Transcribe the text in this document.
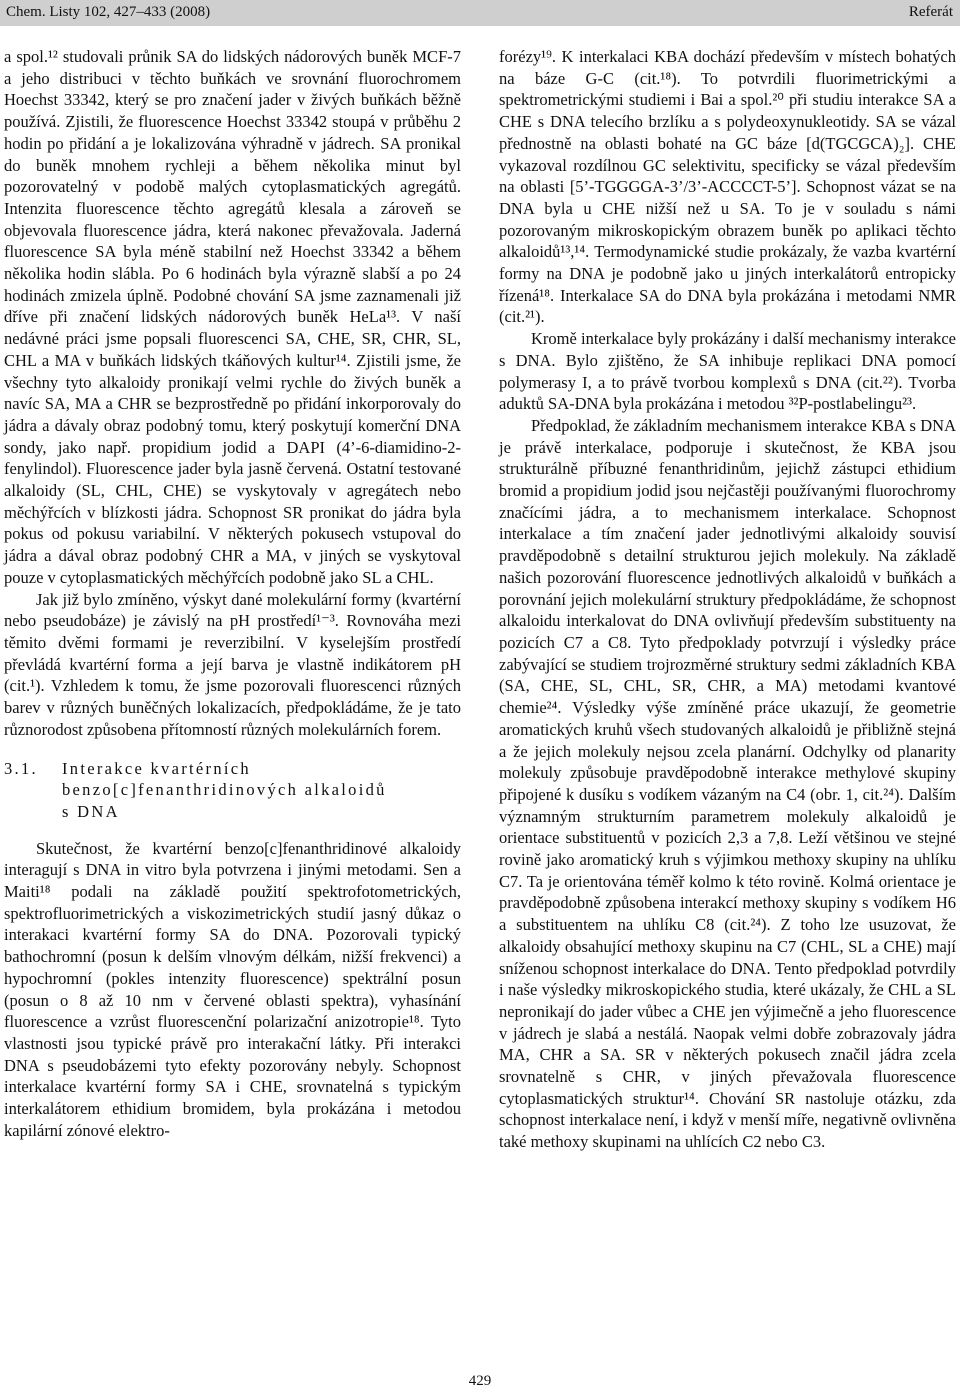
Chem. Listy 102, 427–433 (2008)	Referát

a spol.¹² studovali průnik SA do lidských nádorových buněk MCF-7 a jeho distribuci v těchto buňkách ve srovnání fluorochromem Hoechst 33342, který se pro značení jader v živých buňkách běžně používá. Zjistili, že fluorescence Hoechst 33342 stoupá v průběhu 2 hodin po přidání a je lokalizována výhradně v jádrech. SA pronikal do buněk mnohem rychleji a během několika minut byl pozorovatelný v podobě malých cytoplasmatických agregátů. Intenzita fluorescence těchto agregátů klesala a zároveň se objevovala fluorescence jádra, která nakonec převažovala. Jaderná fluorescence SA byla méně stabilní než Hoechst 33342 a během několika hodin slábla. Po 6 hodinách byla výrazně slabší a po 24 hodinách zmizela úplně. Podobné chování SA jsme zaznamenali již dříve při značení lidských nádorových buněk HeLa¹³. V naší nedávné práci jsme popsali fluorescenci SA, CHE, SR, CHR, SL, CHL a MA v buňkách lidských tkáňových kultur¹⁴. Zjistili jsme, že všechny tyto alkaloidy pronikají velmi rychle do živých buněk a navíc SA, MA a CHR se bezprostředně po přidání inkorporovaly do jádra a dávaly obraz podobný tomu, který poskytují komerční DNA sondy, jako např. propidium jodid a DAPI (4’-6-diamidino-2-fenylindol). Fluorescence jader byla jasně červená. Ostatní testované alkaloidy (SL, CHL, CHE) se vyskytovaly v agregátech nebo měchýřcích v blízkosti jádra. Schopnost SR pronikat do jádra byla pokus od pokusu variabilní. V některých pokusech vstupoval do jádra a dával obraz podobný CHR a MA, v jiných se vyskytoval pouze v cytoplasmatických měchýřcích podobně jako SL a CHL.

Jak již bylo zmíněno, výskyt dané molekulární formy (kvartérní nebo pseudobáze) je závislý na pH prostředí¹⁻³. Rovnováha mezi těmito dvěmi formami je reverzibilní. V kyselejším prostředí převládá kvartérní forma a její barva je vlastně indikátorem pH (cit.¹). Vzhledem k tomu, že jsme pozorovali fluorescenci různých barev v různých buněčných lokalizacích, předpokládáme, že je tato různorodost způsobena přítomností různých molekulárních forem.

3.1. Interakce kvartérních
benzo[c]fenanthridinových alkaloidů
s DNA

Skutečnost, že kvartérní benzo[c]fenanthridinové alkaloidy interagují s DNA in vitro byla potvrzena i jinými metodami. Sen a Maiti¹⁸ podali na základě použití spektrofotometrických, spektrofluorimetrických a viskozimetrických studií jasný důkaz o interakaci kvartérní formy SA do DNA. Pozorovali typický bathochromní (posun k delším vlnovým délkám, nižší frekvenci) a hypochromní (pokles intenzity fluorescence) spektrální posun (posun o 8 až 10 nm v červené oblasti spektra), vyhasínání fluorescence a vzrůst fluorescenční polarizační anizotropie¹⁸. Tyto vlastnosti jsou typické právě pro interakační látky. Při interakci DNA s pseudobázemi tyto efekty pozorovány nebyly. Schopnost interkalace kvartérní formy SA i CHE, srovnatelná s typickým interkalátorem ethidium bromidem, byla prokázána i metodou kapilární zónové elektro-

forézy¹⁹. K interkalaci KBA dochází především v místech bohatých na báze G-C (cit.¹⁸). To potvrdili fluorimetrickými a spektrometrickými studiemi i Bai a spol.²⁰ při studiu interakce SA a CHE s DNA telecího brzlíku a s polydeoxynukleotidy. SA se vázal přednostně na oblasti bohaté na GC báze [d(TGCGCA)₂]. CHE vykazoval rozdílnou GC selektivitu, specificky se vázal především na oblasti [5’-TGGGGA-3’/3’-ACCCCT-5’]. Schopnost vázat se na DNA byla u CHE nižší než u SA. To je v souladu s námi pozorovaným mikroskopickým obrazem buněk po aplikaci těchto alkaloidů¹³,¹⁴. Termodynamické studie prokázaly, že vazba kvartérní formy na DNA je podobně jako u jiných interkalátorů entropicky řízená¹⁸. Interkalace SA do DNA byla prokázána i metodami NMR (cit.²¹).

Kromě interkalace byly prokázány i další mechanismy interakce s DNA. Bylo zjištěno, že SA inhibuje replikaci DNA pomocí polymerasy I, a to právě tvorbou komplexů s DNA (cit.²²). Tvorba aduktů SA-DNA byla prokázána i metodou ³²P-postlabelingu²³.

Předpoklad, že základním mechanismem interakce KBA s DNA je právě interkalace, podporuje i skutečnost, že KBA jsou strukturálně příbuzné fenanthridinům, jejichž zástupci ethidium bromid a propidium jodid jsou nejčastěji používanými fluorochromy značícími jádra, a to mechanismem interkalace. Schopnost interkalace a tím značení jader jednotlivými alkaloidy souvisí pravděpodobně s detailní strukturou jejich molekuly. Na základě našich pozorování fluorescence jednotlivých alkaloidů v buňkách a porovnání jejich molekulární struktury předpokládáme, že schopnost alkaloidu interkalovat do DNA ovlivňují především substituenty na pozicích C7 a C8. Tyto předpoklady potvrzují i výsledky práce zabývající se studiem trojrozměrné struktury sedmi základních KBA (SA, CHE, SL, CHL, SR, CHR, a MA) metodami kvantové chemie²⁴. Výsledky výše zmíněné práce ukazují, že geometrie aromatických kruhů všech studovaných alkaloidů je přibližně stejná a že jejich molekuly nejsou zcela planární. Odchylky od planarity molekuly způsobuje pravděpodobně interakce methylové skupiny připojené k dusíku s vodíkem vázaným na C4 (obr. 1, cit.²⁴). Dalším významným strukturním parametrem molekuly alkaloidů je orientace substituentů v pozicích 2,3 a 7,8. Leží většinou ve stejné rovině jako aromatický kruh s výjimkou methoxy skupiny na uhlíku C7. Ta je orientována téměř kolmo k této rovině. Kolmá orientace je pravděpodobně způsobena interakcí methoxy skupiny s vodíkem H6 a substituentem na uhlíku C8 (cit.²⁴). Z toho lze usuzovat, že alkaloidy obsahující methoxy skupinu na C7 (CHL, SL a CHE) mají sníženou schopnost interkalace do DNA. Tento předpoklad potvrdily i naše výsledky mikroskopického studia, které ukázaly, že CHL a SL nepronikají do jader vůbec a CHE jen výjimečně a jeho fluorescence v jádrech je slabá a nestálá. Naopak velmi dobře zobrazovaly jádra MA, CHR a SA. SR v některých pokusech značil jádra zcela srovnatelně s CHR, v jiných převažovala fluorescence cytoplasmatických struktur¹⁴. Chování SR nastoluje otázku, zda schopnost interkalace není, i když v menší míře, negativně ovlivněna také methoxy skupinami na uhlících C2 nebo C3.

429
